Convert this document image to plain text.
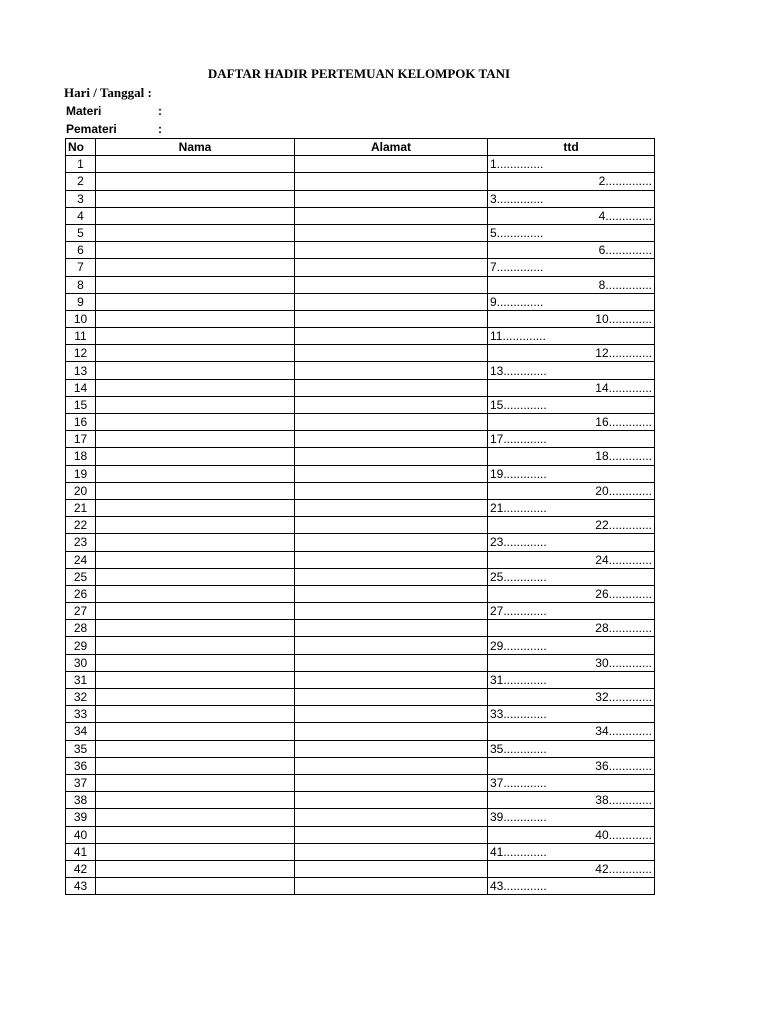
DAFTAR HADIR PERTEMUAN KELOMPOK TANI
Hari / Tanggal :
Materi	:
Pemateri	:
No	Nama	Alamat	ttd
1			1..............
2			2..............
3			3..............
4			4..............
5			5..............
6			6..............
7			7..............
8			8..............
9			9..............
10			10.............
11			11.............
12			12.............
13			13.............
14			14.............
15			15.............
16			16.............
17			17.............
18			18.............
19			19.............
20			20.............
21			21.............
22			22.............
23			23.............
24			24.............
25			25.............
26			26.............
27			27.............
28			28.............
29			29.............
30			30.............
31			31.............
32			32.............
33			33.............
34			34.............
35			35.............
36			36.............
37			37.............
38			38.............
39			39.............
40			40.............
41			41.............
42			42.............
43			43.............
